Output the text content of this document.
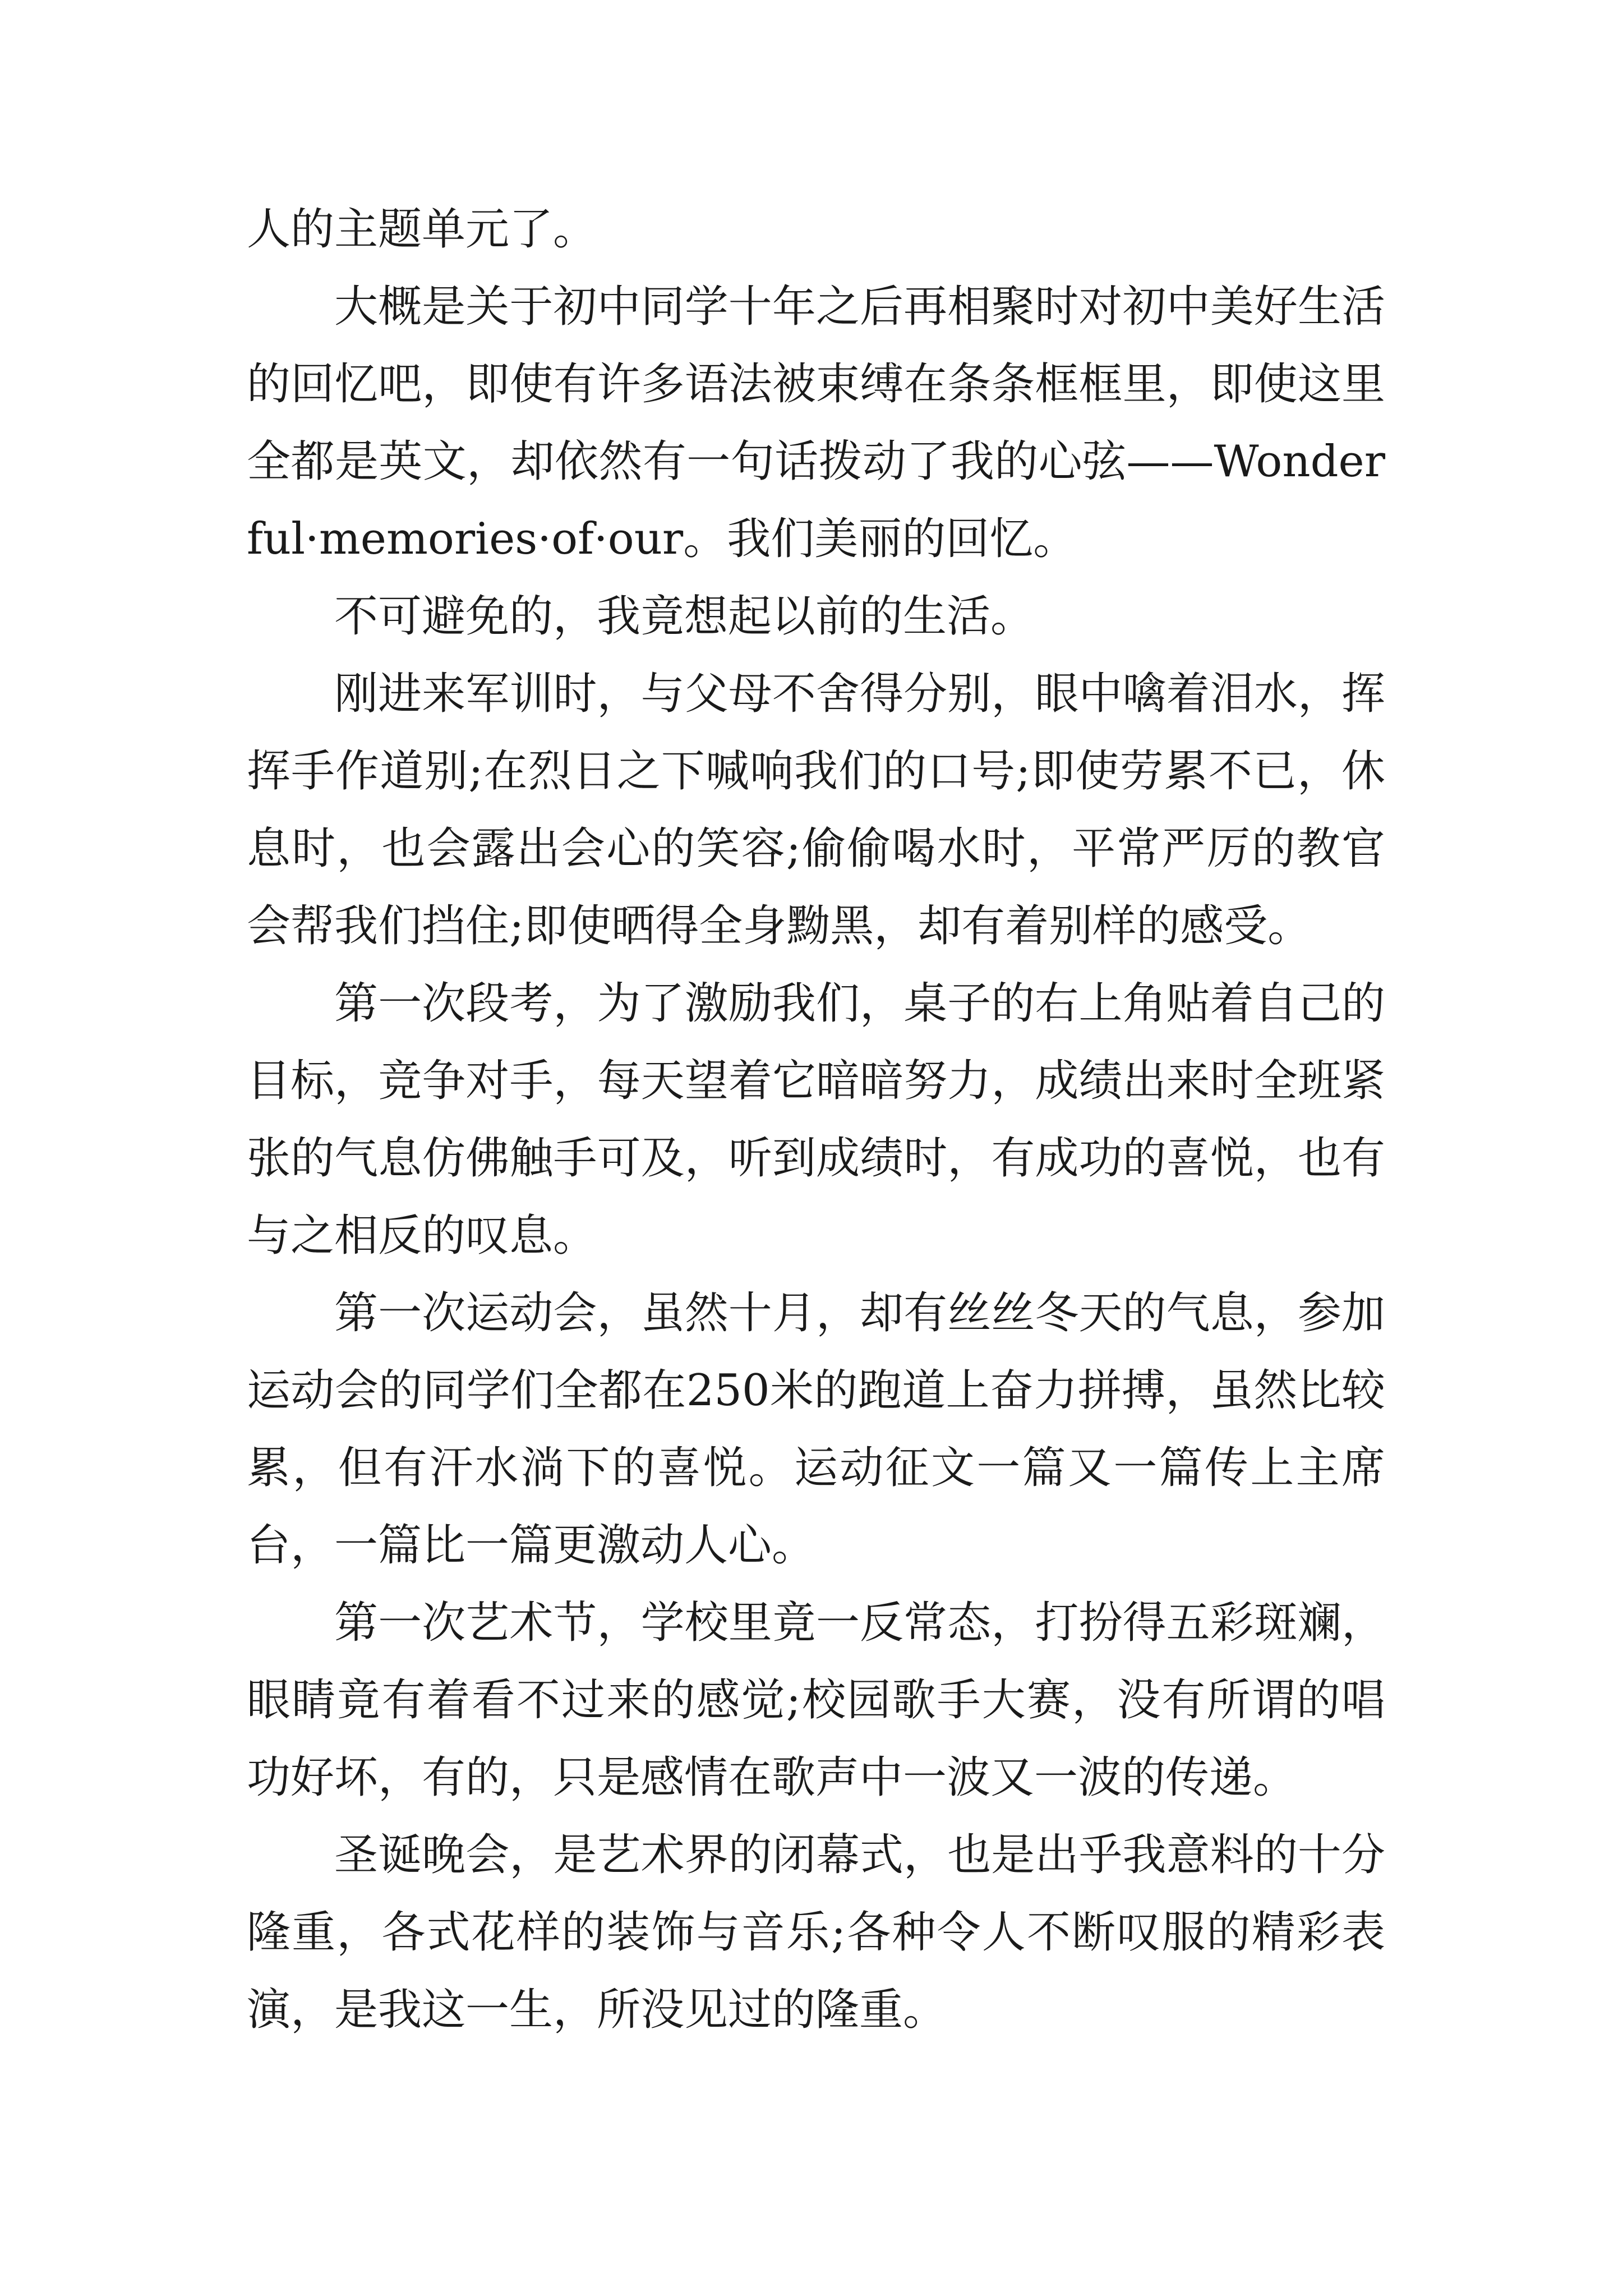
人的主题单元了。

大概是关于初中同学十年之后再相聚时对初中美好生活的回忆吧，即使有许多语法被束缚在条条框框里，即使这里全都是英文，却依然有一句话拨动了我的心弦——Wonderful·memories·of·our。我们美丽的回忆。

不可避免的，我竟想起以前的生活。

刚进来军训时，与父母不舍得分别，眼中噙着泪水，挥挥手作道别;在烈日之下喊响我们的口号;即使劳累不已，休息时，也会露出会心的笑容;偷偷喝水时，平常严厉的教官会帮我们挡住;即使晒得全身黝黑，却有着别样的感受。

第一次段考，为了激励我们，桌子的右上角贴着自己的目标，竞争对手，每天望着它暗暗努力，成绩出来时全班紧张的气息仿佛触手可及，听到成绩时，有成功的喜悦，也有与之相反的叹息。

第一次运动会，虽然十月，却有丝丝冬天的气息，参加运动会的同学们全都在250米的跑道上奋力拼搏，虽然比较累，但有汗水淌下的喜悦。运动征文一篇又一篇传上主席台，一篇比一篇更激动人心。

第一次艺术节，学校里竟一反常态，打扮得五彩斑斓，眼睛竟有着看不过来的感觉;校园歌手大赛，没有所谓的唱功好坏，有的，只是感情在歌声中一波又一波的传递。

圣诞晚会，是艺术界的闭幕式，也是出乎我意料的十分隆重，各式花样的装饰与音乐;各种令人不断叹服的精彩表演，是我这一生，所没见过的隆重。
